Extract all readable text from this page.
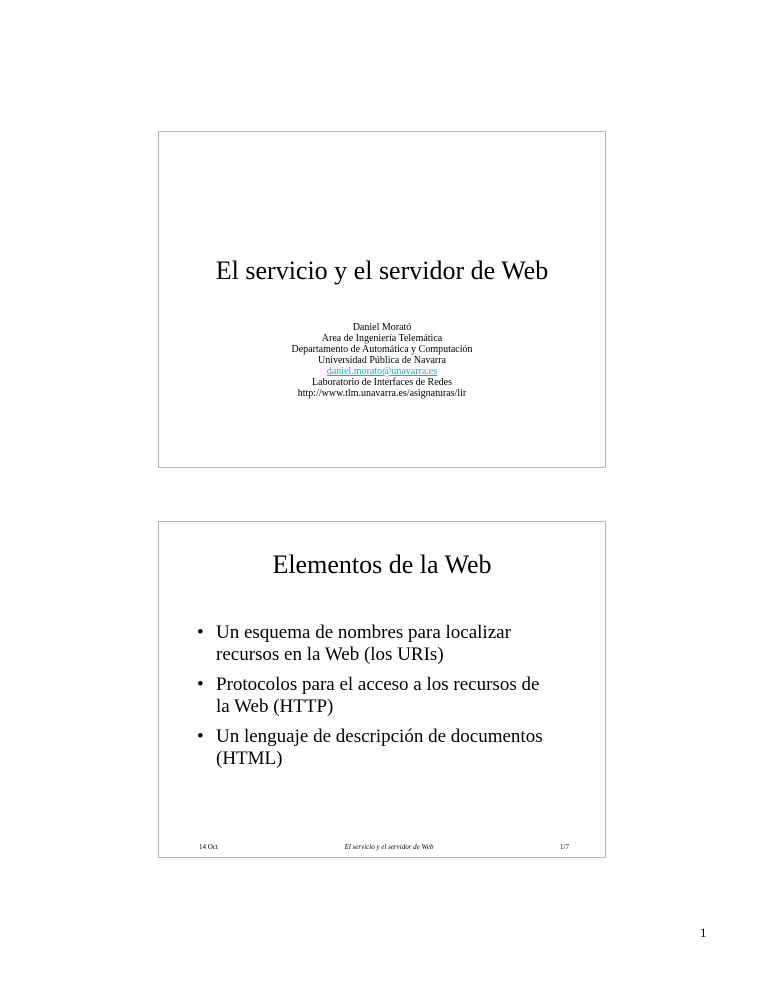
El servicio y el servidor de Web
Daniel Morató
Area de Ingeniería Telemática
Departamento de Automática y Computación
Universidad Pública de Navarra
daniel.morato@unavarra.es
Laboratorio de Interfaces de Redes
http://www.tlm.unavarra.es/asignaturas/lir
Elementos de la Web
• Un esquema de nombres para localizar
recursos en la Web (los URIs)
• Protocolos para el acceso a los recursos de
la Web (HTTP)
• Un lenguaje de descripción de documentos
(HTML)
14 Oct	El servicio y el servidor de Web	1/7
1
